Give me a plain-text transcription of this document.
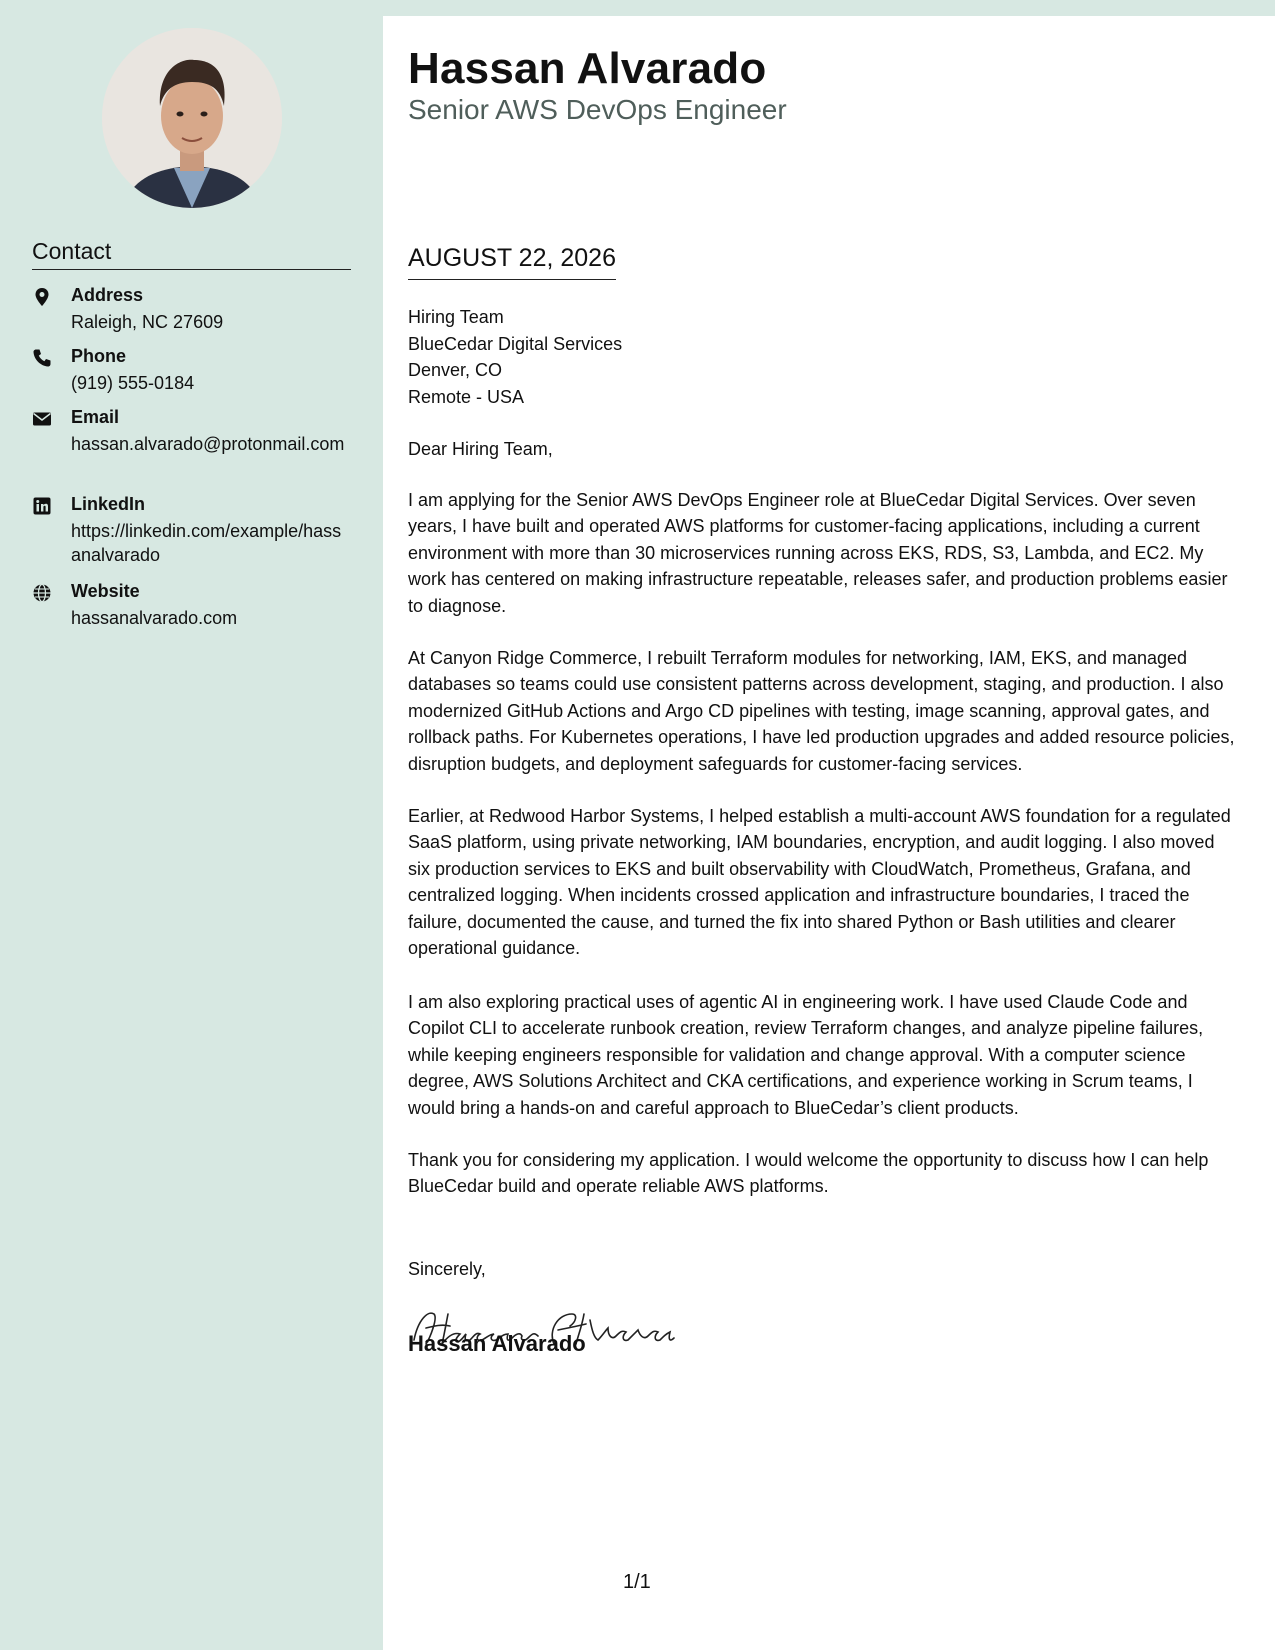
Contact
Address
Raleigh, NC 27609
Phone
(919) 555-0184
Email
hassan.alvarado@protonmail.com
LinkedIn
https://linkedin.com/example/hassanalvarado
Website
hassanalvarado.com
Hassan Alvarado
Senior AWS DevOps Engineer
AUGUST 22, 2026
Hiring Team
BlueCedar Digital Services
Denver, CO
Remote - USA
Dear Hiring Team,
I am applying for the Senior AWS DevOps Engineer role at BlueCedar Digital Services. Over seven years, I have built and operated AWS platforms for customer-facing applications, including a current environment with more than 30 microservices running across EKS, RDS, S3, Lambda, and EC2. My work has centered on making infrastructure repeatable, releases safer, and production problems easier to diagnose.
At Canyon Ridge Commerce, I rebuilt Terraform modules for networking, IAM, EKS, and managed databases so teams could use consistent patterns across development, staging, and production. I also modernized GitHub Actions and Argo CD pipelines with testing, image scanning, approval gates, and rollback paths. For Kubernetes operations, I have led production upgrades and added resource policies, disruption budgets, and deployment safeguards for customer-facing services.
Earlier, at Redwood Harbor Systems, I helped establish a multi-account AWS foundation for a regulated SaaS platform, using private networking, IAM boundaries, encryption, and audit logging. I also moved six production services to EKS and built observability with CloudWatch, Prometheus, Grafana, and centralized logging. When incidents crossed application and infrastructure boundaries, I traced the failure, documented the cause, and turned the fix into shared Python or Bash utilities and clearer operational guidance.
I am also exploring practical uses of agentic AI in engineering work. I have used Claude Code and Copilot CLI to accelerate runbook creation, review Terraform changes, and analyze pipeline failures, while keeping engineers responsible for validation and change approval. With a computer science degree, AWS Solutions Architect and CKA certifications, and experience working in Scrum teams, I would bring a hands-on and careful approach to BlueCedar’s client products.
Thank you for considering my application. I would welcome the opportunity to discuss how I can help BlueCedar build and operate reliable AWS platforms.
Sincerely,
Hassan Alvarado
1/1
